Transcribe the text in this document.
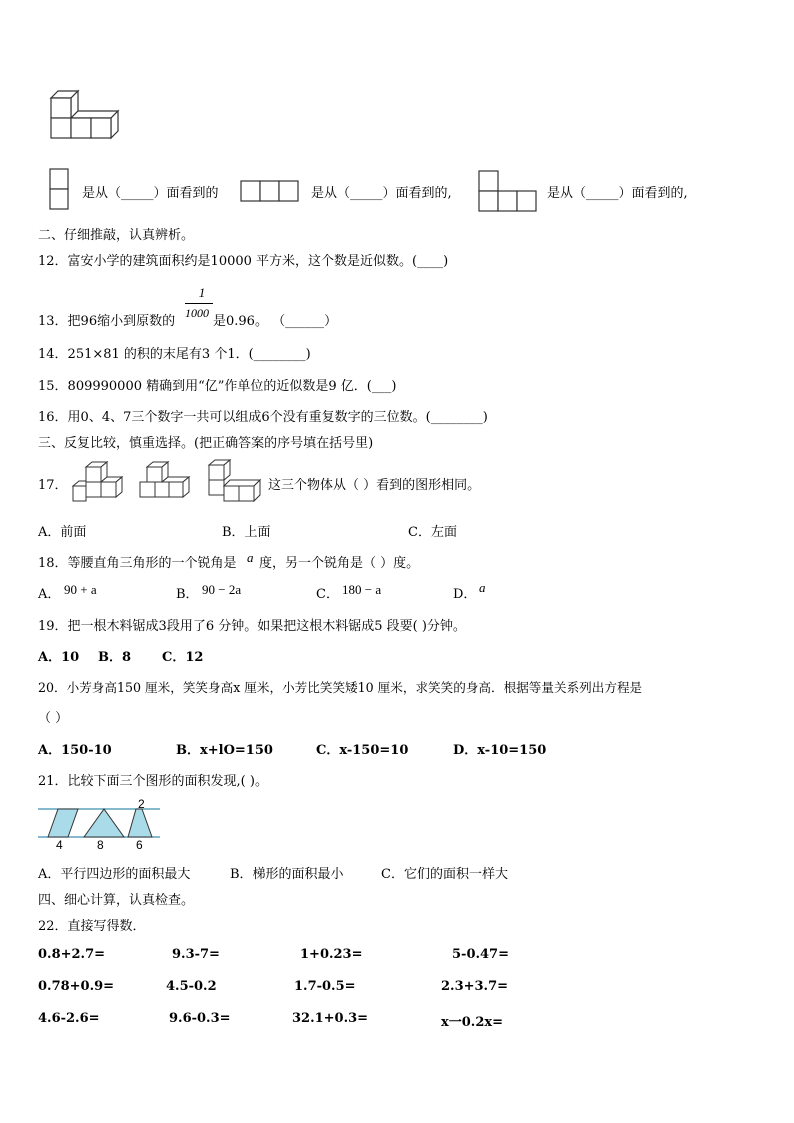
是从（_____）面看到的	是从（_____）面看到的,	是从（_____）面看到的,
二、仔细推敲，认真辨析。
12．富安小学的建筑面积约是10000 平方米，这个数是近似数。(____)
13．把96缩小到原数的
1
1000
是0.96。 （______）
14．251×81 的积的末尾有3 个1．(________)
15．809990000 精确到用“亿”作单位的近似数是9 亿．(___)
16．用0、4、7三个数字一共可以组成6个没有重复数字的三位数。(________)
三、反复比较，慎重选择。(把正确答案的序号填在括号里)
17．	这三个物体从（ ）看到的图形相同。
A．前面	B．上面	C．左面
18．等腰直角三角形的一个锐角是 a 度，另一个锐角是（ ）度。
A． 90 + a	B． 90 − 2a	C． 180 − a	D． a
19．把一根木料锯成3段用了6 分钟。如果把这根木料锯成5 段要( )分钟。
A．10 B．8 C．12
20．小芳身高150 厘米，笑笑身高x 厘米，小芳比笑笑矮10 厘米，求笑笑的身高．根据等量关系列出方程是
（ ）
A．150-10	B．x+lO=150	C．x-150=10	D．x-10=150
21．比较下面三个图形的面积发现,( )。
2
4	8	6
A．平行四边形的面积最大	B．梯形的面积最小	C．它们的面积一样大
四、细心计算，认真检查。
22．直接写得数．
0.8+2.7=	9.3-7=	1+0.23=	5-0.47=
0.78+0.9=	4.5-0.2	1.7-0.5=	2.3+3.7=
4.6-2.6=	9.6-0.3=	32.1+0.3=	x一0.2x=
